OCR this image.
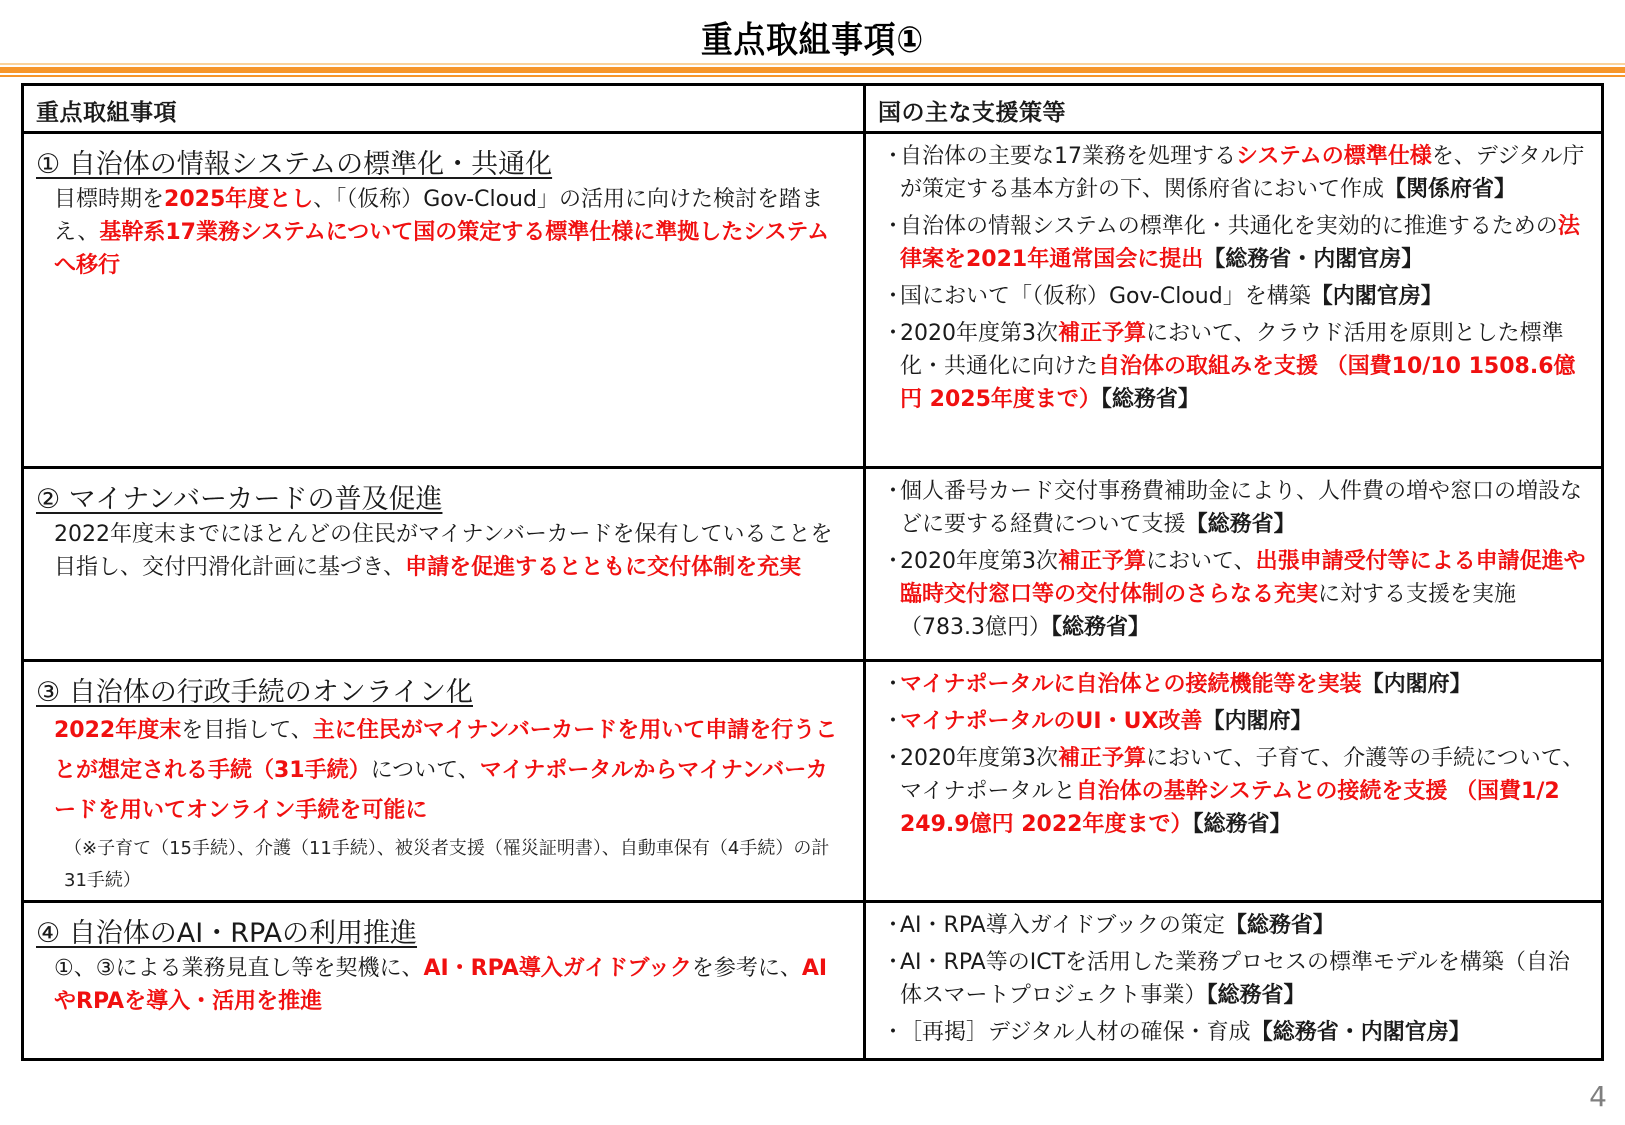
重点取組事項①
重点取組事項	国の主な支援策等
① 自治体の情報システムの標準化・共通化
目標時期を2025年度とし、「（仮称）Gov-Cloud」の活用に向けた検討を踏まえ、基幹系17業務システムについて国の策定する標準仕様に準拠したシステムへ移行
・
自治体の主要な17業務を処理するシステムの標準仕様を、デジタル庁が策定する基本方針の下、関係府省において作成【関係府省】
・
自治体の情報システムの標準化・共通化を実効的に推進するための法律案を2021年通常国会に提出【総務省・内閣官房】
・
国において「（仮称）Gov-Cloud」を構築【内閣官房】
・
2020年度第3次補正予算において、クラウド活用を原則とした標準化・共通化に向けた自治体の取組みを支援 （国費10/10 1508.6億円 2025年度まで）【総務省】
② マイナンバーカードの普及促進
2022年度末までにほとんどの住民がマイナンバーカードを保有していることを目指し、交付円滑化計画に基づき、申請を促進するとともに交付体制を充実
・
個人番号カード交付事務費補助金により、人件費の増や窓口の増設などに要する経費について支援【総務省】
・
2020年度第3次補正予算において、出張申請受付等による申請促進や臨時交付窓口等の交付体制のさらなる充実に対する支援を実施（783.3億円）【総務省】
③ 自治体の行政手続のオンライン化
2022年度末を目指して、主に住民がマイナンバーカードを用いて申請を行うことが想定される手続（31手続）について、マイナポータルからマイナンバーカードを用いてオンライン手続を可能に
（※子育て（15手続）、介護（11手続）、被災者支援（罹災証明書）、自動車保有（4手続）の計31手続）
・
マイナポータルに自治体との接続機能等を実装【内閣府】
・
マイナポータルのUI・UX改善【内閣府】
・
2020年度第3次補正予算において、子育て、介護等の手続について、マイナポータルと自治体の基幹システムとの接続を支援 （国費1/2 249.9億円 2022年度まで）【総務省】
④ 自治体のAI・RPAの利用推進
①、③による業務見直し等を契機に、AI・RPA導入ガイドブックを参考に、AIやRPAを導入・活用を推進
・
AI・RPA導入ガイドブックの策定【総務省】
・
AI・RPA等のICTを活用した業務プロセスの標準モデルを構築（自治体スマートプロジェクト事業）【総務省】
・
［再掲］デジタル人材の確保・育成【総務省・内閣官房】
4
